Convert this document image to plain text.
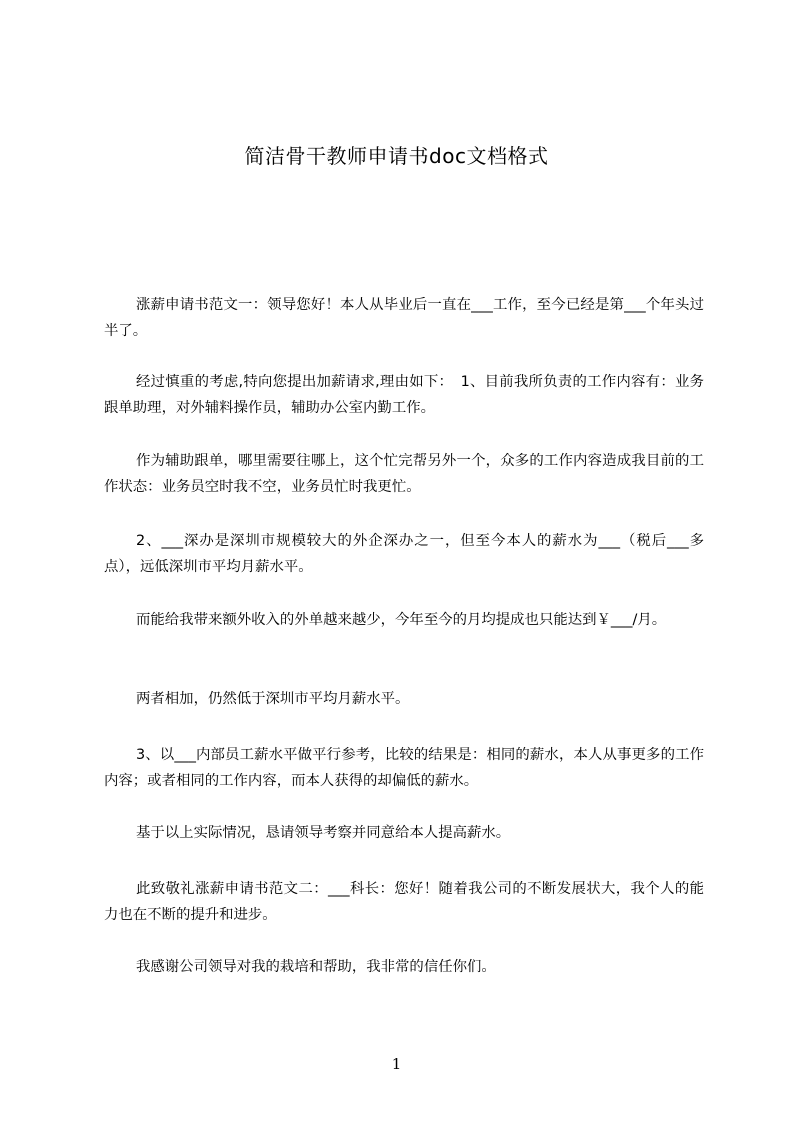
简洁骨干教师申请书doc文档格式

涨薪申请书范文一：领导您好！本人从毕业后一直在___工作，至今已经是第___个年头过半了。

经过慎重的考虑,特向您提出加薪请求,理由如下：　1、目前我所负责的工作内容有：业务跟单助理，对外辅料操作员，辅助办公室内勤工作。

作为辅助跟单，哪里需要往哪上，这个忙完帮另外一个，众多的工作内容造成我目前的工作状态：业务员空时我不空，业务员忙时我更忙。

2、___深办是深圳市规模较大的外企深办之一，但至今本人的薪水为___（税后___多点），远低深圳市平均月薪水平。

而能给我带来额外收入的外单越来越少，今年至今的月均提成也只能达到￥___/月。

两者相加，仍然低于深圳市平均月薪水平。

3、以___内部员工薪水平做平行参考，比较的结果是：相同的薪水，本人从事更多的工作内容；或者相同的工作内容，而本人获得的却偏低的薪水。

基于以上实际情况，恳请领导考察并同意给本人提高薪水。

此致敬礼涨薪申请书范文二：___科长：您好！随着我公司的不断发展状大，我个人的能力也在不断的提升和进步。

我感谢公司领导对我的栽培和帮助，我非常的信任你们。

1
